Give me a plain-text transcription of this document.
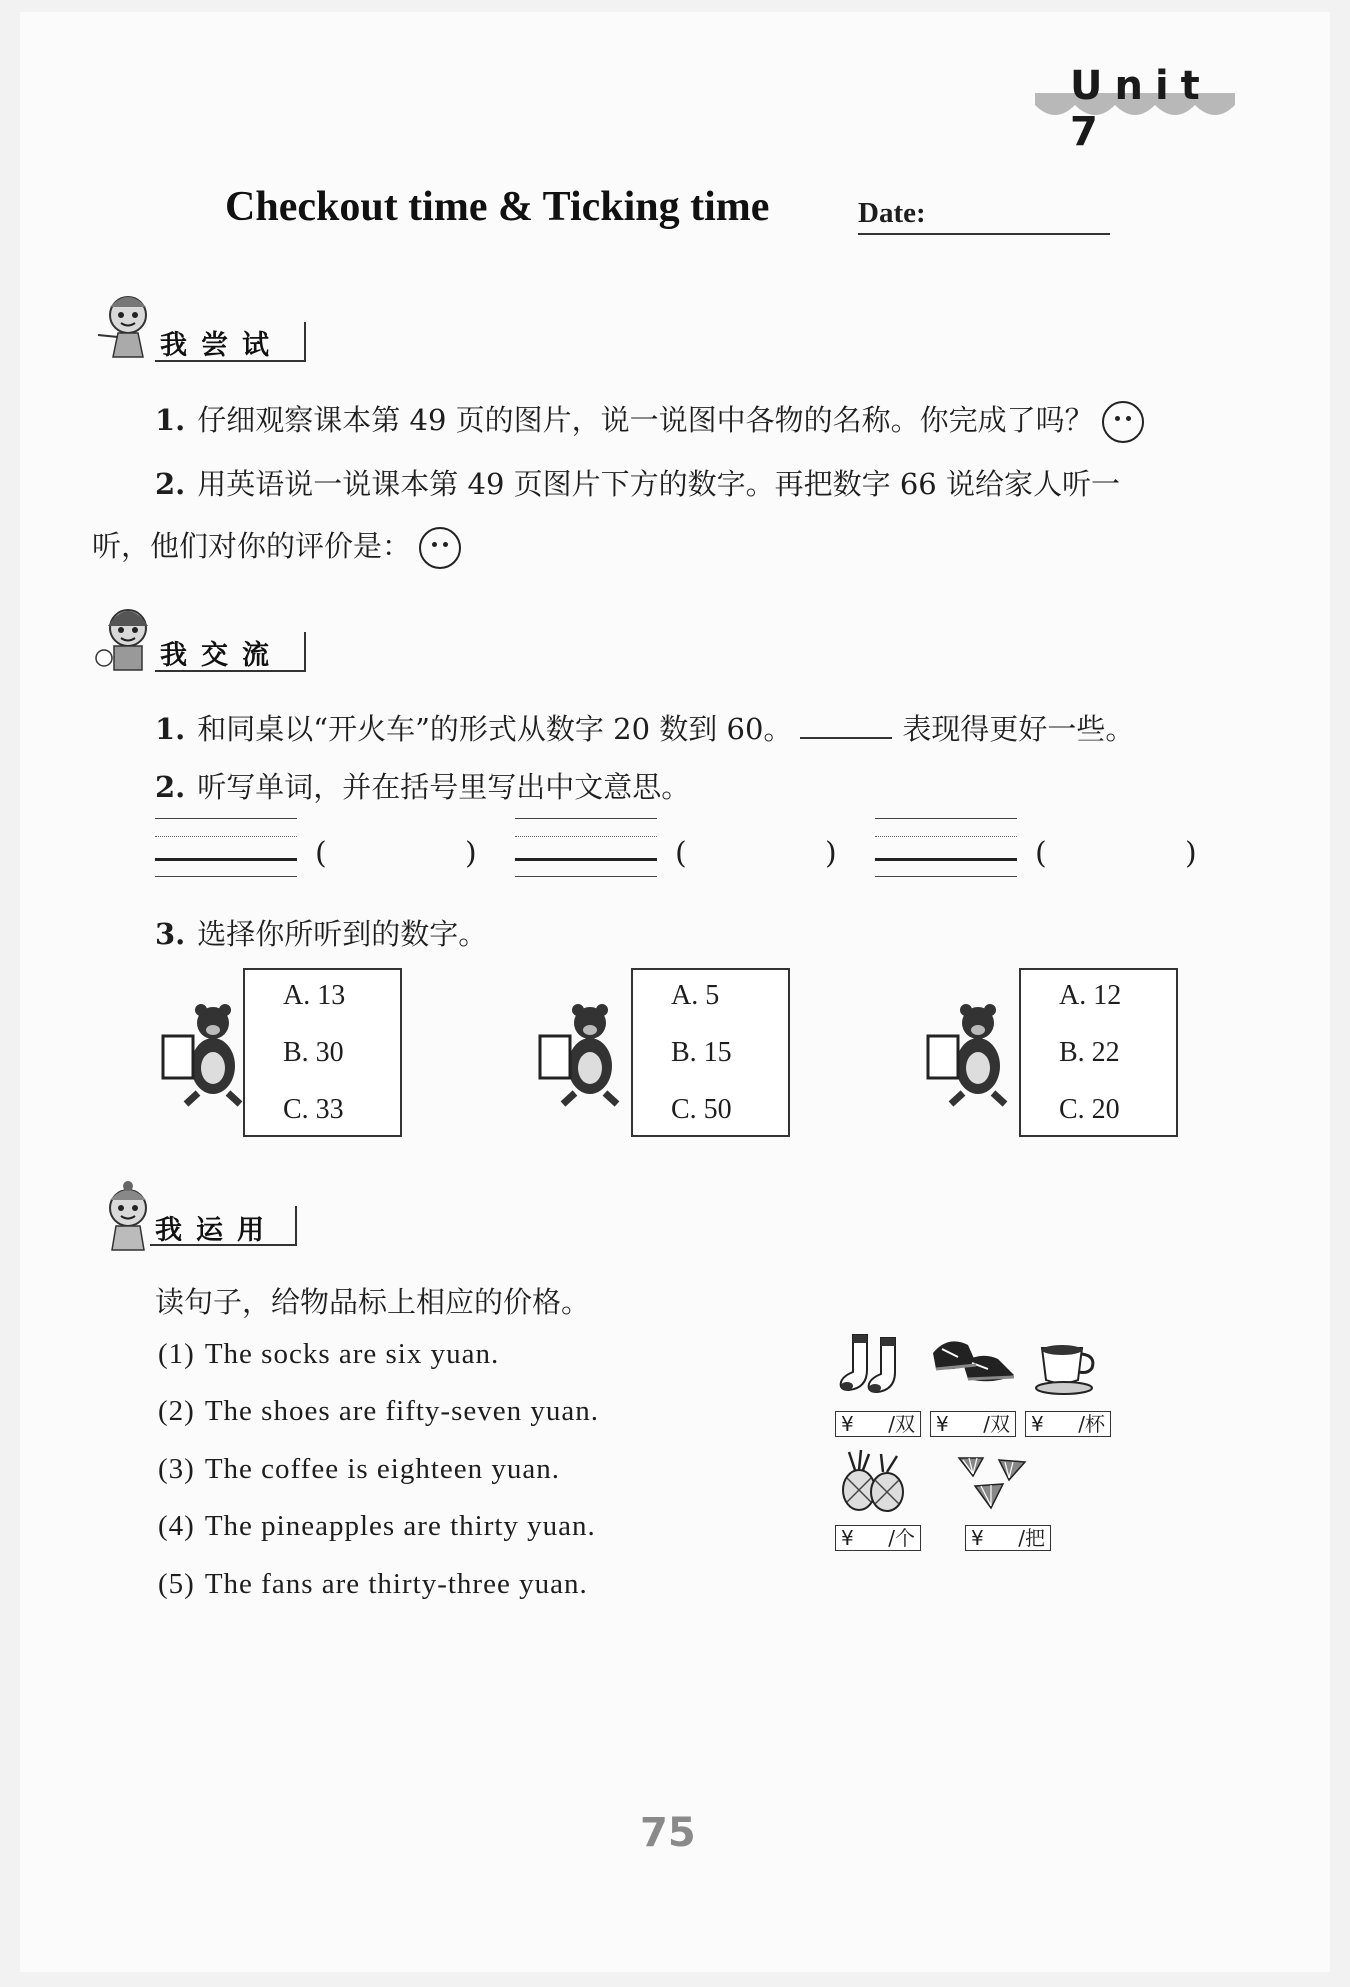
Unit 7
Checkout time & Ticking time	Date:
我尝试
1. 仔细观察课本第 49 页的图片，说一说图中各物的名称。你完成了吗？
2. 用英语说一说课本第 49 页图片下方的数字。再把数字 66 说给家人听一
听，他们对你的评价是：
我交流
1. 和同桌以“开火车”的形式从数字 20 数到 60。	表现得更好一些。
2. 听写单词，并在括号里写出中文意思。
(	)	(	)	(	)
3. 选择你所听到的数字。
A. 13
B. 30
C. 33
A. 5
B. 15
C. 50
A. 12
B. 22
C. 20
我运用
读句子，给物品标上相应的价格。
(1) The socks are six yuan.
(2) The shoes are fifty-seven yuan.
(3) The coffee is eighteen yuan.
(4) The pineapples are thirty yuan.
(5) The fans are thirty-three yuan.
¥ /双 ¥ /双 ¥ /杯
¥ /个	¥ /把
75
